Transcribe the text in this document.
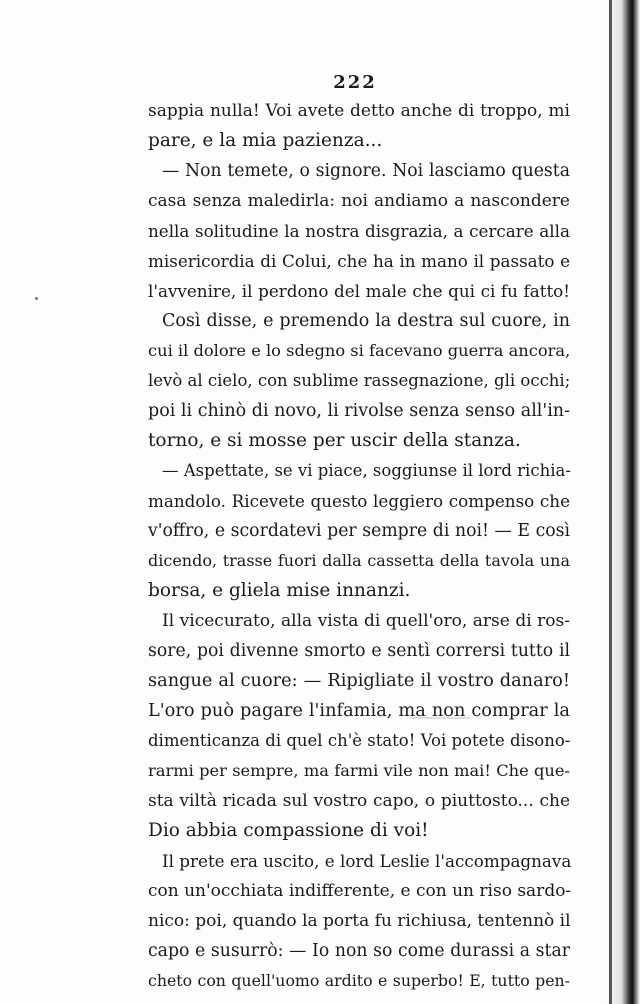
222
sappia nulla! Voi avete detto anche di troppo, mi
pare, e la mia pazienza...
— Non temete, o signore. Noi lasciamo questa
casa senza maledirla: noi andiamo a nascondere
nella solitudine la nostra disgrazia, a cercare alla
misericordia di Colui, che ha in mano il passato e
l'avvenire, il perdono del male che qui ci fu fatto!
Così disse, e premendo la destra sul cuore, in
cui il dolore e lo sdegno si facevano guerra ancora,
levò al cielo, con sublime rassegnazione, gli occhi;
poi li chinò di novo, li rivolse senza senso all'in-
torno, e si mosse per uscir della stanza.
— Aspettate, se vi piace, soggiunse il lord richia-
mandolo. Ricevete questo leggiero compenso che
v'offro, e scordatevi per sempre di noi! — E così
dicendo, trasse fuori dalla cassetta della tavola una
borsa, e gliela mise innanzi.
Il vicecurato, alla vista di quell'oro, arse di ros-
sore, poi divenne smorto e sentì corrersi tutto il
sangue al cuore: — Ripigliate il vostro danaro!
L'oro può pagare l'infamia, ma non comprar la
dimenticanza di quel ch'è stato! Voi potete disono-
rarmi per sempre, ma farmi vile non mai! Che que-
sta viltà ricada sul vostro capo, o piuttosto... che
Dio abbia compassione di voi!
Il prete era uscito, e lord Leslie l'accompagnava
con un'occhiata indifferente, e con un riso sardo-
nico: poi, quando la porta fu richiusa, tentennò il
capo e susurrò: — Io non so come durassi a star
cheto con quell'uomo ardito e superbo! E, tutto pen-
